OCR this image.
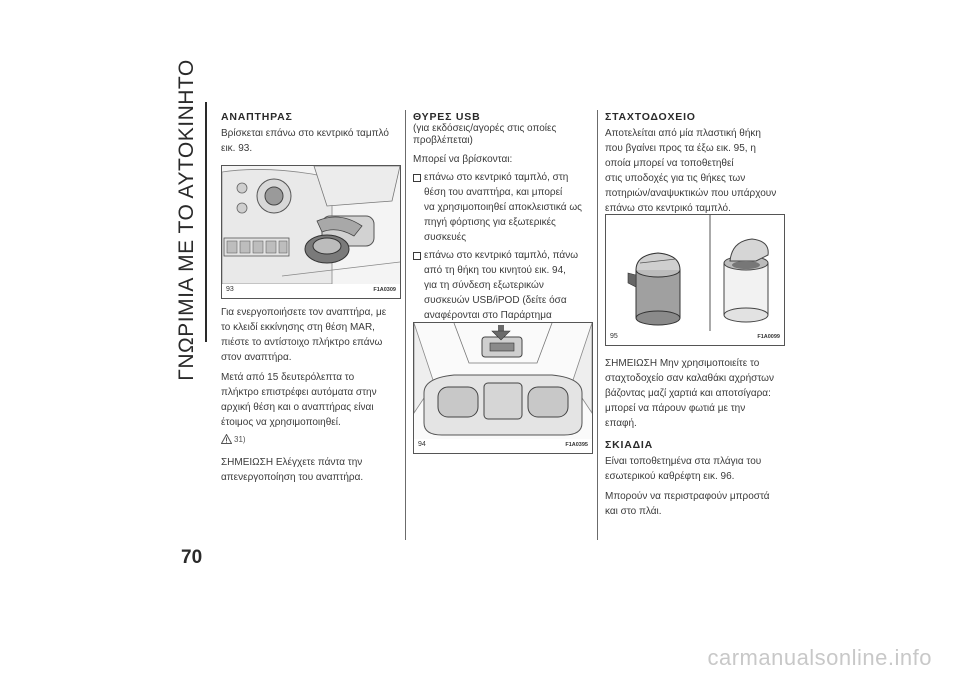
ΓΝΩΡΙΜΙΑ ΜΕ ΤΟ ΑΥΤΟΚΙΝΗΤΟ
70

ΑΝΑΠΤΗΡΑΣ

Βρίσκεται επάνω στο κεντρικό ταμπλό

εικ. 93.

93	F1A0309

Για ενεργοποιήσετε τον αναπτήρα, με

το κλειδί εκκίνησης στη θέση MAR,

πιέστε το αντίστοιχο πλήκτρο επάνω

στον αναπτήρα.

Μετά από 15 δευτερόλεπτα το

πλήκτρο επιστρέφει αυτόματα στην

αρχική θέση και ο αναπτήρας είναι

έτοιμος να χρησιμοποιηθεί.

31)

ΣΗΜΕΙΩΣΗ Ελέγχετε πάντα την

απενεργοποίηση του αναπτήρα.

ΘΥΡΕΣ USB

(για εκδόσεις/αγορές στις οποίες

προβλέπεται)

Μπορεί να βρίσκονται:

επάνω στο κεντρικό ταμπλό, στη
θέση του αναπτήρα, και μπορεί
να χρησιμοποιηθεί αποκλειστικά ως
πηγή φόρτισης για εξωτερικές
συσκευές
επάνω στο κεντρικό ταμπλό, πάνω
από τη θήκη του κινητού εικ. 94,
για τη σύνδεση εξωτερικών
συσκευών USB/iPOD (δείτε όσα
αναφέρονται στο Παράρτημα
94	F1A0395

ΣΤΑΧΤΟΔΟΧΕΙΟ

Αποτελείται από μία πλαστική θήκη

που βγαίνει προς τα έξω εικ. 95, η

οποία μπορεί να τοποθετηθεί

στις υποδοχές για τις θήκες των

ποτηριών/αναψυκτικών που υπάρχουν

επάνω στο κεντρικό ταμπλό.

95	F1A0099

ΣΗΜΕΙΩΣΗ Μην χρησιμοποιείτε το

σταχτοδοχείο σαν καλαθάκι αχρήστων

βάζοντας μαζί χαρτιά και αποτσίγαρα:

μπορεί να πάρουν φωτιά με την

επαφή.

ΣΚΙΑΔΙΑ

Είναι τοποθετημένα στα πλάγια του

εσωτερικού καθρέφτη εικ. 96.

Μπορούν να περιστραφούν μπροστά

και στο πλάι.

carmanualsonline.info
